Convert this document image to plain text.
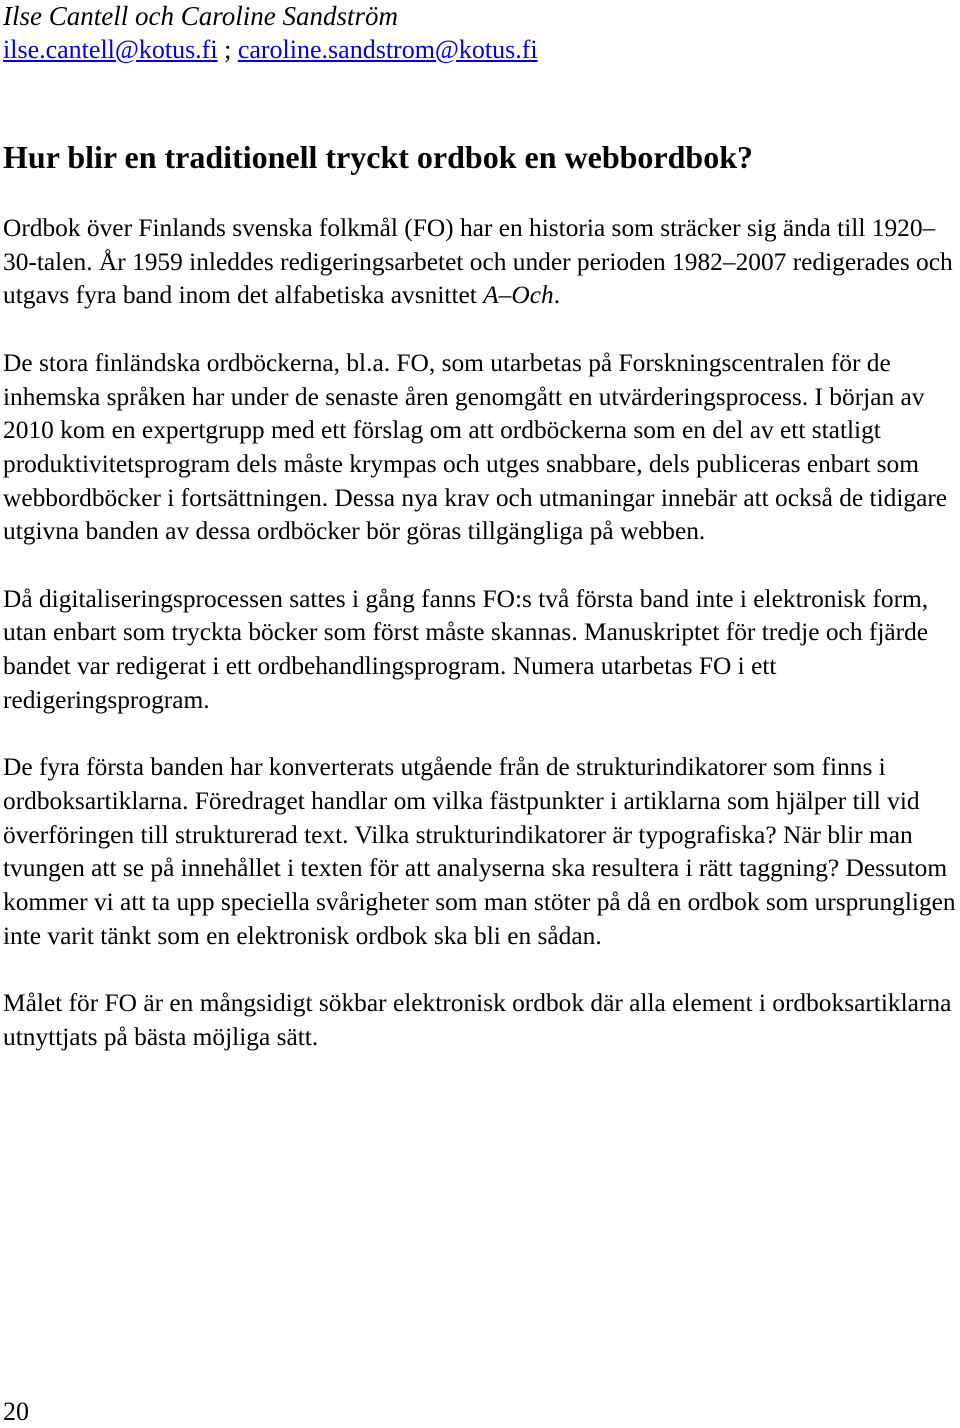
Ilse Cantell och Caroline Sandström

ilse.cantell@kotus.fi ; caroline.sandstrom@kotus.fi

Hur blir en traditionell tryckt ordbok en webbordbok?

Ordbok över Finlands svenska folkmål (FO) har en historia som sträcker sig ända till 1920–30-talen. År 1959 inleddes redigeringsarbetet och under perioden 1982–2007 redigerades och utgavs fyra band inom det alfabetiska avsnittet A–Och.

De stora finländska ordböckerna, bl.a. FO, som utarbetas på Forskningscentralen för de inhemska språken har under de senaste åren genomgått en utvärderingsprocess. I början av 2010 kom en expertgrupp med ett förslag om att ordböckerna som en del av ett statligt produktivitetsprogram dels måste krympas och utges snabbare, dels publiceras enbart som webbordböcker i fortsättningen. Dessa nya krav och utmaningar innebär att också de tidigare utgivna banden av dessa ordböcker bör göras tillgängliga på webben.

Då digitaliseringsprocessen sattes i gång fanns FO:s två första band inte i elektronisk form, utan enbart som tryckta böcker som först måste skannas. Manuskriptet för tredje och fjärde bandet var redigerat i ett ordbehandlingsprogram. Numera utarbetas FO i ett redigeringsprogram.

De fyra första banden har konverterats utgående från de strukturindikatorer som finns i ordboksartiklarna. Föredraget handlar om vilka fästpunkter i artiklarna som hjälper till vid överföringen till strukturerad text. Vilka strukturindikatorer är typografiska? När blir man tvungen att se på innehållet i texten för att analyserna ska resultera i rätt taggning? Dessutom kommer vi att ta upp speciella svårigheter som man stöter på då en ordbok som ursprungligen inte varit tänkt som en elektronisk ordbok ska bli en sådan.

Målet för FO är en mångsidigt sökbar elektronisk ordbok där alla element i ordboksartiklarna utnyttjats på bästa möjliga sätt.

20
